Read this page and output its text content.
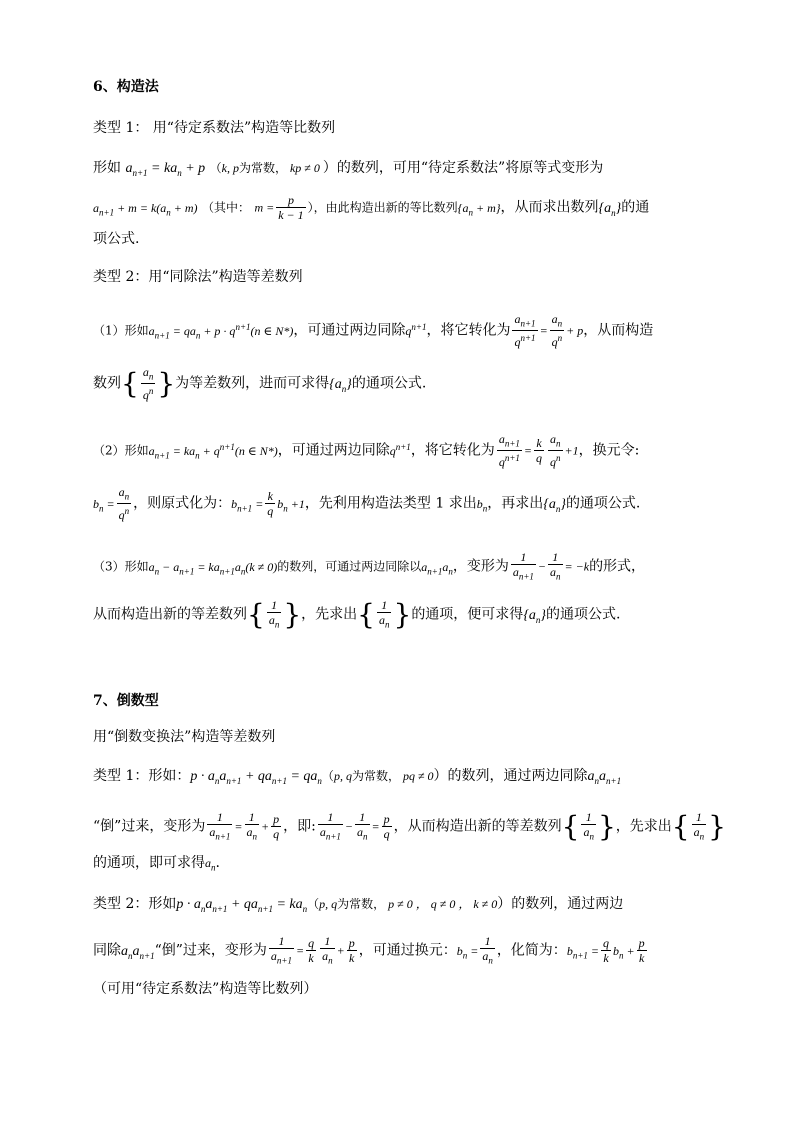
6、构造法
类型 1： 用“待定系数法”构造等比数列
形如 $a_{n+1} = ka_n + p$ （k, p为常数， kp ≠ 0 ）的数列，可用“待定系数法”将原等式变形为
$a_{n+1} + m = k(a_n + m)$ （其中： $m = \frac{p}{k - 1}$ ），由此构造出新的等比数列$\{a_n + m\}$，从而求出数列$\{a_n\}$的通
项公式.
类型 2：用“同除法”构造等差数列
（1）形如$a_{n+1} = qa_n + p \cdot q^{n+1}(n$ ∈ N*)，可通过两边同除$q^{n+1}$，将它转化为 $\frac{a_{n+1}}{q^{n+1}} = \frac{a_n}{q^n} + p$，从而构造
数列{ $\frac{a_n}{q^n}$ }为等差数列，进而可求得$\{a_n\}$的通项公式.
（2）形如$a_{n+1} = ka_n + q^{n+1}(n$ ∈ N*)，可通过两边同除$q^{n+1}$，将它转化为 $\frac{a_{n+1}}{q^{n+1}} = \frac{k}{q} \frac{a_n}{q^n} +1$，换元令:
$b_n = \frac{a_n}{q^n}$ ，则原式化为：$b_{n+1} = \frac{k}{q} b_n +1$，先利用构造法类型 1 求出$b_n$，再求出$\{a_n\}$的通项公式.
（3）形如$a_n - a_{n+1} = ka_{n+1}a_n(k \ne 0)$的数列，可通过两边同除以$a_{n+1}a_n$，变形为 $\frac{1}{a_{n+1}} - \frac{1}{a_n} = -k$的形式，
从而构造出新的等差数列{ $\frac{1}{a_n}$ }，先求出{ $\frac{1}{a_n}$ }的通项，便可求得$\{a_n\}$的通项公式.
7、倒数型
用“倒数变换法”构造等差数列
类型 1：形如：$p \cdot a_na_{n+1} + qa_{n+1} = qa_n(p$, q为常数， pq ≠ 0）的数列，通过两边同除$a_na_{n+1}$
“倒”过来，变形为 $\frac{1}{a_{n+1}} = \frac{1}{a_n} + \frac{p}{q}$ ，即: $\frac{1}{a_{n+1}} - \frac{1}{a_n} = \frac{p}{q}$ ，从而构造出新的等差数列{ $\frac{1}{a_n}$ }，先求出{ $\frac{1}{a_n}$ }
的通项，即可求得$a_n$.
类型 2：形如$p \cdot a_na_{n+1} + qa_{n+1} = ka_n(p$, q为常数， p ≠ 0 ， q ≠ 0 ， k ≠ 0）的数列，通过两边
同除$a_na_{n+1}“$倒”过来，变形为 $\frac{1}{a_{n+1}} = \frac{q}{k} \frac{1}{a_n} + \frac{p}{k}$ ，可通过换元：$b_n = \frac{1}{a_n}$ ，化简为：$b_{n+1} = \frac{q}{k} b_n + \frac{p}{k}$
（可用“待定系数法”构造等比数列）
